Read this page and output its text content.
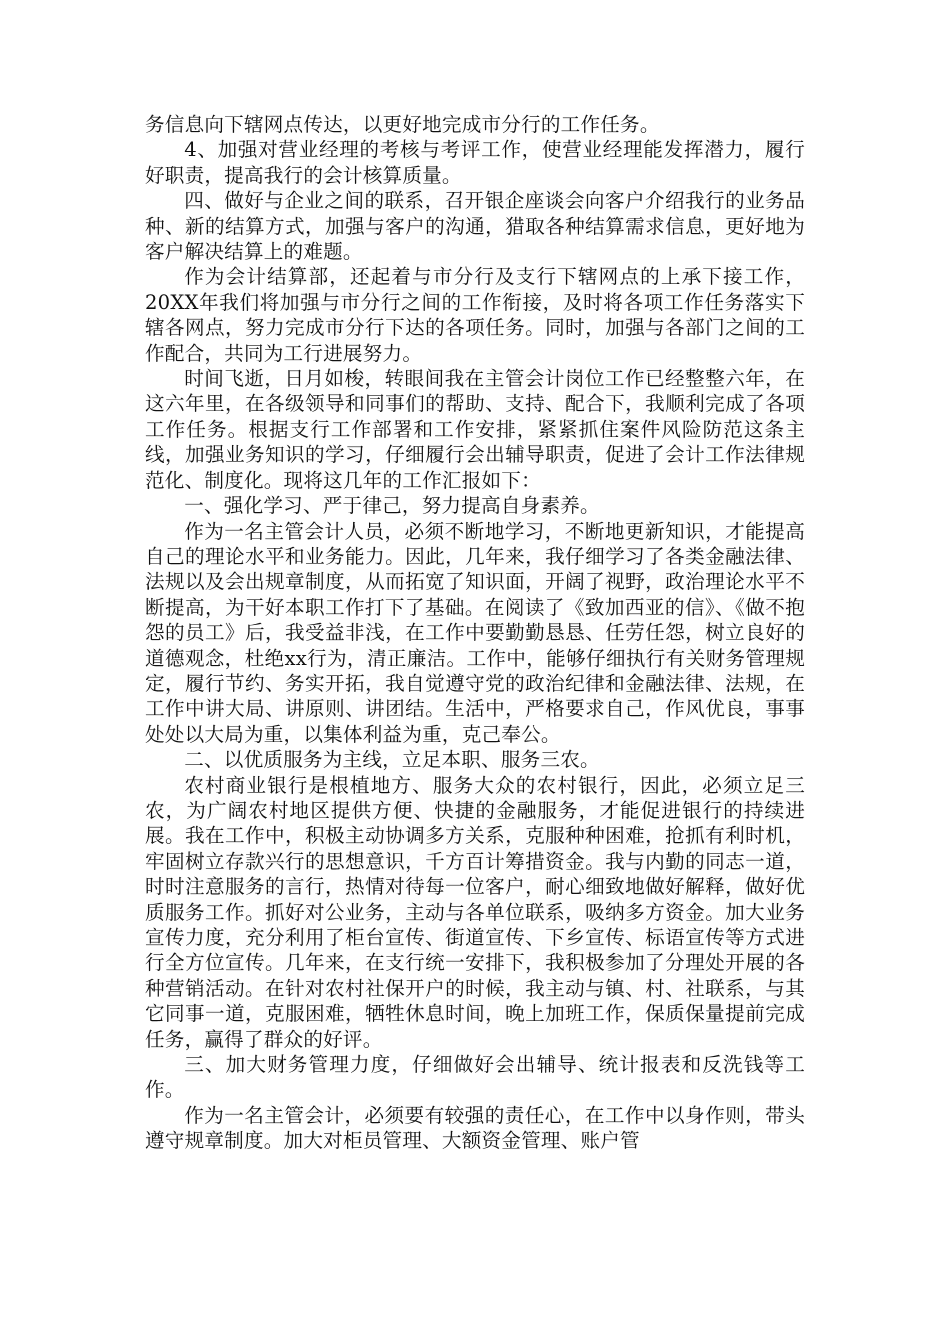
务信息向下辖网点传达，以更好地完成市分行的工作任务。

4、加强对营业经理的考核与考评工作，使营业经理能发挥潜力，履行好职责，提高我行的会计核算质量。

四、做好与企业之间的联系，召开银企座谈会向客户介绍我行的业务品种、新的结算方式，加强与客户的沟通，猎取各种结算需求信息，更好地为客户解决结算上的难题。

作为会计结算部，还起着与市分行及支行下辖网点的上承下接工作，20XX年我们将加强与市分行之间的工作衔接，及时将各项工作任务落实下辖各网点，努力完成市分行下达的各项任务。同时，加强与各部门之间的工作配合，共同为工行进展努力。

时间飞逝，日月如梭，转眼间我在主管会计岗位工作已经整整六年，在这六年里，在各级领导和同事们的帮助、支持、配合下，我顺利完成了各项工作任务。根据支行工作部署和工作安排，紧紧抓住案件风险防范这条主线，加强业务知识的学习，仔细履行会出辅导职责，促进了会计工作法律规范化、制度化。现将这几年的工作汇报如下：

一、强化学习、严于律己，努力提高自身素养。

作为一名主管会计人员，必须不断地学习，不断地更新知识，才能提高自己的理论水平和业务能力。因此，几年来，我仔细学习了各类金融法律、法规以及会出规章制度，从而拓宽了知识面，开阔了视野，政治理论水平不断提高，为干好本职工作打下了基础。在阅读了《致加西亚的信》、《做不抱怨的员工》后，我受益非浅，在工作中要勤勤恳恳、任劳任怨，树立良好的道德观念，杜绝xx行为，清正廉洁。工作中，能够仔细执行有关财务管理规定，履行节约、务实开拓，我自觉遵守党的政治纪律和金融法律、法规，在工作中讲大局、讲原则、讲团结。生活中，严格要求自己，作风优良，事事处处以大局为重，以集体利益为重，克己奉公。

二、以优质服务为主线，立足本职、服务三农。

农村商业银行是根植地方、服务大众的农村银行，因此，必须立足三农，为广阔农村地区提供方便、快捷的金融服务，才能促进银行的持续进展。我在工作中，积极主动协调多方关系，克服种种困难，抢抓有利时机，牢固树立存款兴行的思想意识，千方百计筹措资金。我与内勤的同志一道，时时注意服务的言行，热情对待每一位客户，耐心细致地做好解释，做好优质服务工作。抓好对公业务，主动与各单位联系，吸纳多方资金。加大业务宣传力度，充分利用了柜台宣传、街道宣传、下乡宣传、标语宣传等方式进行全方位宣传。几年来，在支行统一安排下，我积极参加了分理处开展的各种营销活动。在针对农村社保开户的时候，我主动与镇、村、社联系，与其它同事一道，克服困难，牺牲休息时间，晚上加班工作，保质保量提前完成任务，赢得了群众的好评。

三、加大财务管理力度，仔细做好会出辅导、统计报表和反洗钱等工作。

作为一名主管会计，必须要有较强的责任心，在工作中以身作则，带头遵守规章制度。加大对柜员管理、大额资金管理、账户管
